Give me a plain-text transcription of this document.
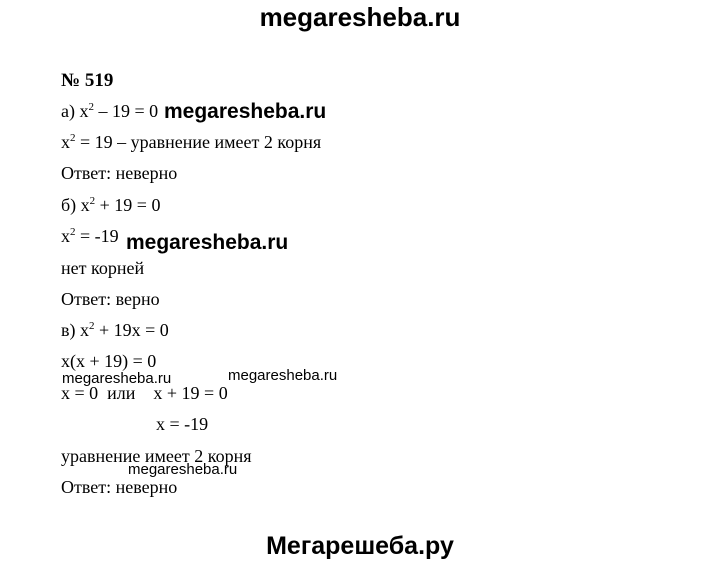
megaresheba.ru
№ 519
а) $x^2 - 19 = 0$
$x^2 = 19$ – уравнение имеет 2 корня
Ответ: неверно
б) $x^2 + 19 = 0$
$x^2 = -19$
нет корней
Ответ: верно
в) $x^2 + 19x = 0$
x(x + 19) = 0
x = 0  или    x + 19 = 0
x = -19
уравнение имеет 2 корня
Ответ: неверно
megaresheba.ru
megaresheba.ru
megaresheba.ru	megaresheba.ru
megaresheba.ru
Мегарешеба.ру
